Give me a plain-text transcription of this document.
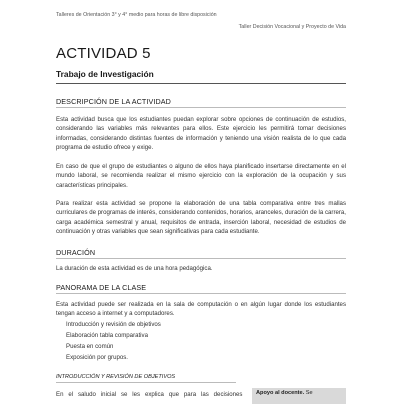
Talleres de Orientación 3° y 4° medio para horas de libre disposición
Taller Decisión Vocacional y Proyecto de Vida
ACTIVIDAD 5
Trabajo de Investigación
DESCRIPCIÓN DE LA ACTIVIDAD
Esta actividad busca que los estudiantes puedan explorar sobre opciones de continuación de estudios, considerando las variables más relevantes para ellos. Este ejercicio les permitirá tomar decisiones informadas, considerando distintas fuentes de información y teniendo una visión realista de lo que cada programa de estudio ofrece y exige.
En caso de que el grupo de estudiantes o alguno de ellos haya planificado insertarse directamente en el mundo laboral, se recomienda realizar el mismo ejercicio con la exploración de la ocupación y sus características principales.
Para realizar esta actividad se propone la elaboración de una tabla comparativa entre tres mallas curriculares de programas de interés, considerando contenidos, horarios, aranceles, duración de la carrera, carga académica semestral y anual, requisitos de entrada, inserción laboral, necesidad de estudios de continuación y otras variables que sean significativas para cada estudiante.
DURACIÓN
La duración de esta actividad es de una hora pedagógica.
PANORAMA DE LA CLASE
Esta actividad puede ser realizada en la sala de computación o en algún lugar donde los estudiantes tengan acceso a internet y a computadores.
Introducción y revisión de objetivos
Elaboración tabla comparativa
Puesta en común
Exposición por grupos.
INTRODUCCIÓN Y REVISIÓN DE OBJETIVOS
En el saludo inicial se les explica que para las decisiones	Apoyo al docente. Se
